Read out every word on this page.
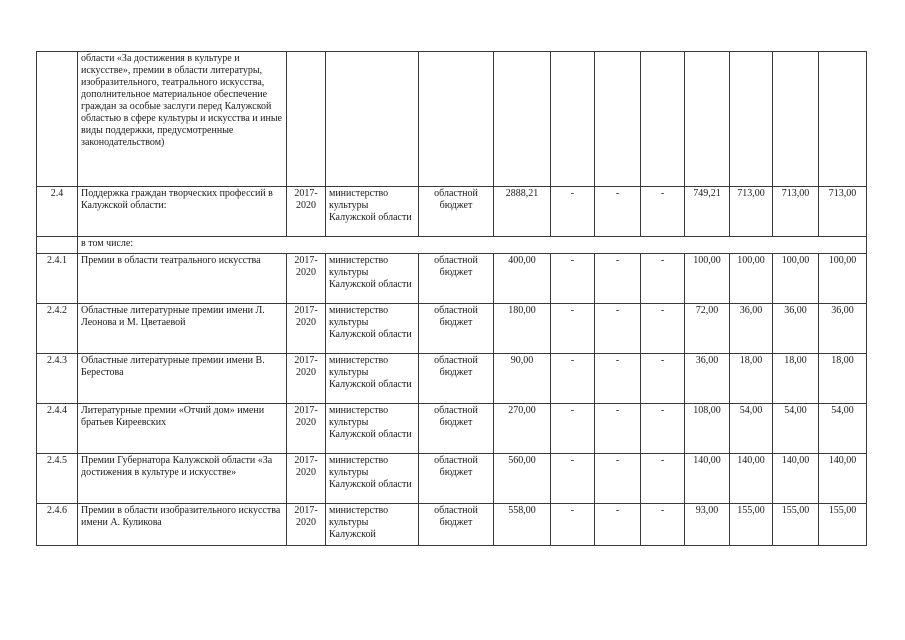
	области «За достижения в культуре и искусстве», премии в области литературы, изобразительного, театрального искусства, дополнительное материальное обеспечение граждан за особые заслуги перед Калужской областью в сфере культуры и искусства и иные виды поддержки, предусмотренные законодательством)											
2.4	Поддержка граждан творческих профессий в Калужской области:	2017-2020	министерство культуры Калужской области	областной бюджет	2888,21	-	-	-	749,21	713,00	713,00	713,00
	в том числе:											
2.4.1	Премии в области театрального искусства	2017-2020	министерство культуры Калужской области	областной бюджет	400,00	-	-	-	100,00	100,00	100,00	100,00
2.4.2	Областные литературные премии имени Л. Леонова и М. Цветаевой	2017-2020	министерство культуры Калужской области	областной бюджет	180,00	-	-	-	72,00	36,00	36,00	36,00
2.4.3	Областные литературные премии имени В. Берестова	2017-2020	министерство культуры Калужской области	областной бюджет	90,00	-	-	-	36,00	18,00	18,00	18,00
2.4.4	Литературные премии «Отчий дом» имени братьев Киреевских	2017-2020	министерство культуры Калужской области	областной бюджет	270,00	-	-	-	108,00	54,00	54,00	54,00
2.4.5	Премии Губернатора Калужской области «За достижения в культуре и искусстве»	2017-2020	министерство культуры Калужской области	областной бюджет	560,00	-	-	-	140,00	140,00	140,00	140,00
2.4.6	Премии в области изобразительного искусства имени А. Куликова	2017-2020	министерство культуры Калужской	областной бюджет	558,00	-	-	-	93,00	155,00	155,00	155,00
